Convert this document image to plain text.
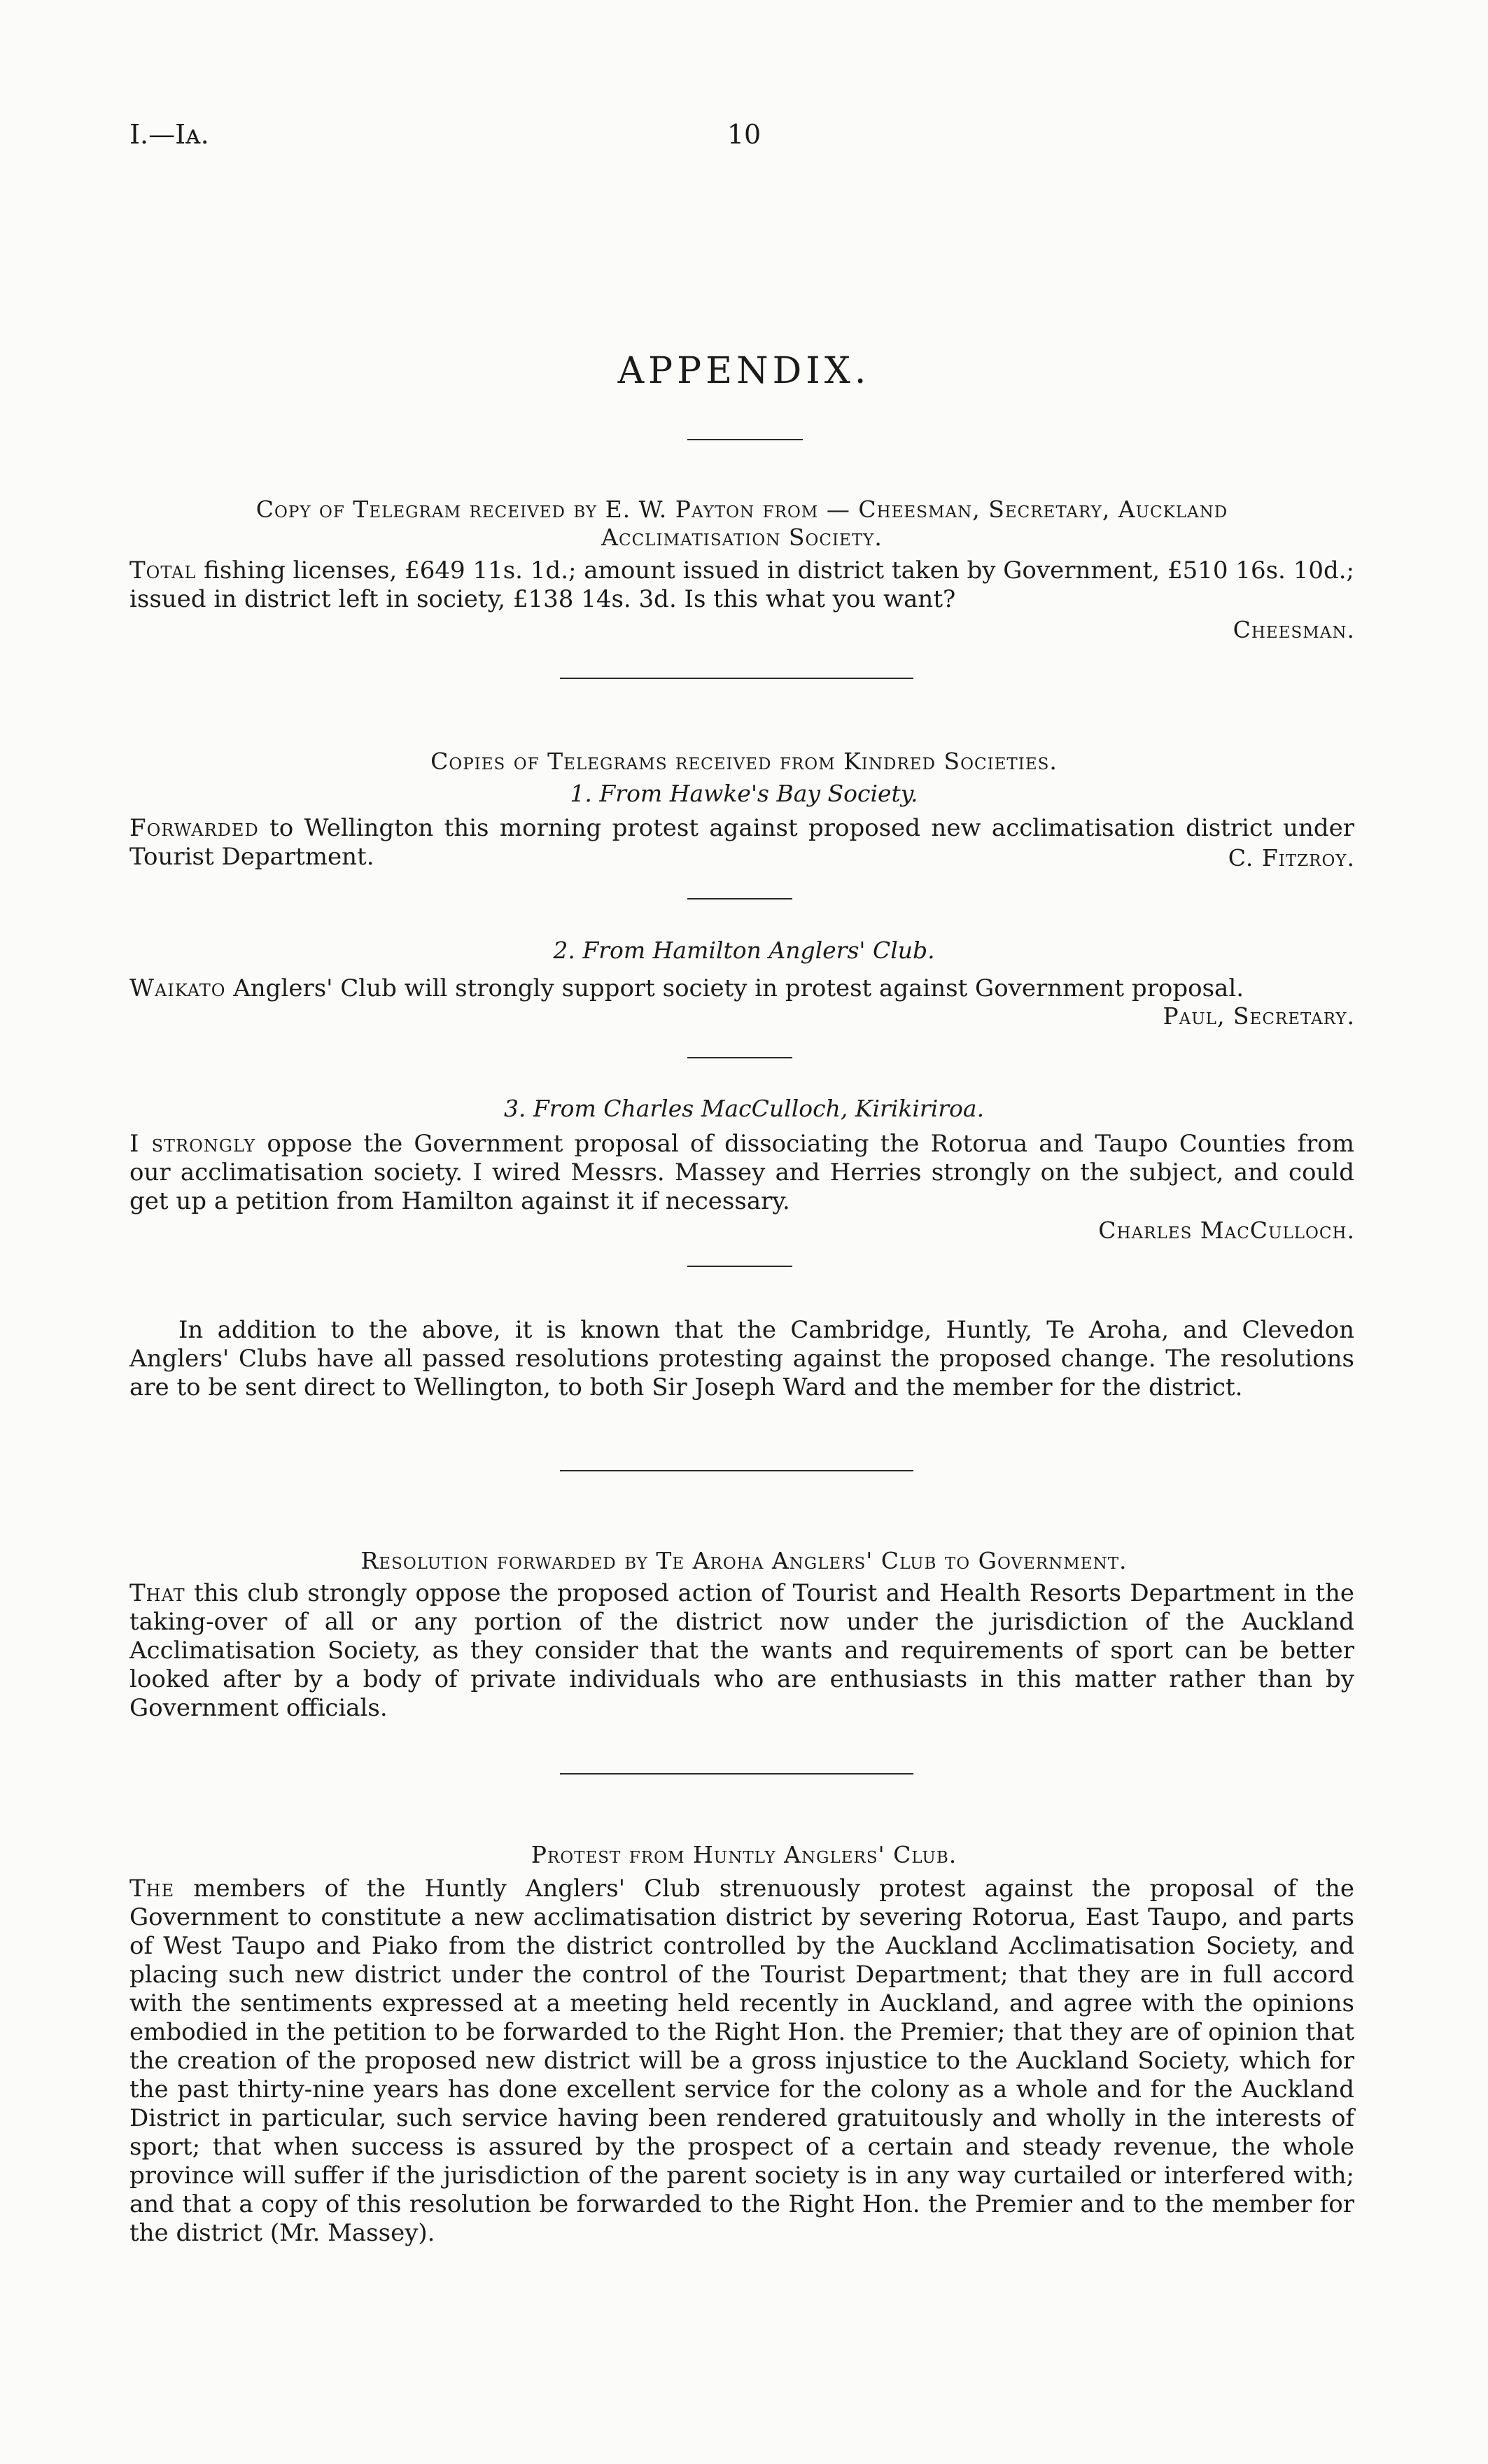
I.—Iᴀ.	10
APPENDIX.
Copy of Telegram received by E. W. Payton from — Cheesman, Secretary, Auckland
Acclimatisation Society.

Total fishing licenses, £649 11s. 1d.; amount issued in district taken by Government, £510 16s. 10d.; issued in district left in society, £138 14s. 3d. Is this what you want?

Cheesman.
Copies of Telegrams received from Kindred Societies.
1. From Hawke's Bay Society.

Forwarded to Wellington this morning protest against proposed new acclimatisation district under Tourist Department.	C. Fitzroy.
2. From Hamilton Anglers' Club.

Waikato Anglers' Club will strongly support society in protest against Government proposal.

Paul, Secretary.
3. From Charles MacCulloch, Kirikiriroa.

I strongly oppose the Government proposal of dissociating the Rotorua and Taupo Counties from our acclimatisation society. I wired Messrs. Massey and Herries strongly on the subject, and could get up a petition from Hamilton against it if necessary.

Charles MacCulloch.

In addition to the above, it is known that the Cambridge, Huntly, Te Aroha, and Clevedon Anglers' Clubs have all passed resolutions protesting against the proposed change. The resolutions are to be sent direct to Wellington, to both Sir Joseph Ward and the member for the district.

Resolution forwarded by Te Aroha Anglers' Club to Government.

That this club strongly oppose the proposed action of Tourist and Health Resorts Department in the taking-over of all or any portion of the district now under the jurisdiction of the Auckland Acclimatisation Society, as they consider that the wants and requirements of sport can be better looked after by a body of private individuals who are enthusiasts in this matter rather than by Government officials.

Protest from Huntly Anglers' Club.

The members of the Huntly Anglers' Club strenuously protest against the proposal of the Government to constitute a new acclimatisation district by severing Rotorua, East Taupo, and parts of West Taupo and Piako from the district controlled by the Auckland Acclimatisation Society, and placing such new district under the control of the Tourist Department; that they are in full accord with the sentiments expressed at a meeting held recently in Auckland, and agree with the opinions embodied in the petition to be forwarded to the Right Hon. the Premier; that they are of opinion that the creation of the proposed new district will be a gross injustice to the Auckland Society, which for the past thirty-nine years has done excellent service for the colony as a whole and for the Auckland District in particular, such service having been rendered gratuitously and wholly in the interests of sport; that when success is assured by the prospect of a certain and steady revenue, the whole province will suffer if the jurisdiction of the parent society is in any way curtailed or interfered with; and that a copy of this resolution be forwarded to the Right Hon. the Premier and to the member for the district (Mr. Massey).
